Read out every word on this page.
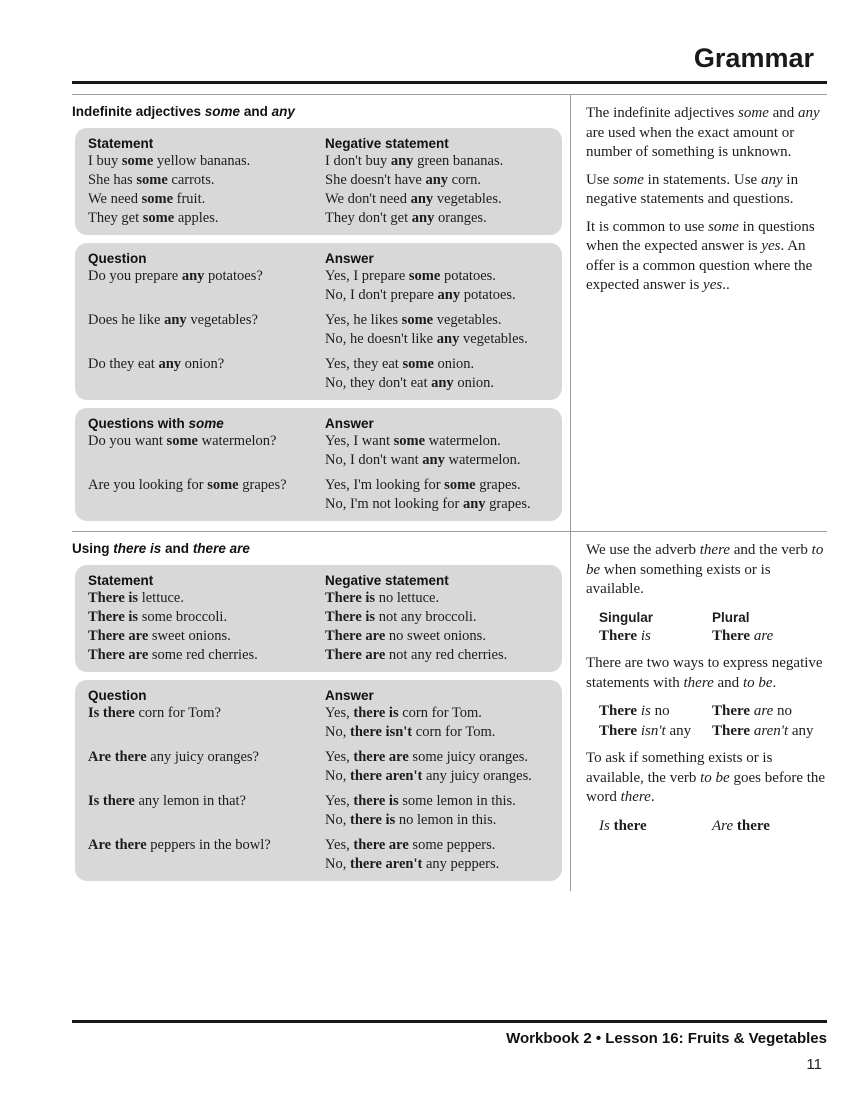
Grammar
Indefinite adjectives some and any
Statement	Negative statement
I buy some yellow bananas.	I don't buy any green bananas.
She has some carrots.	She doesn't have any corn.
We need some fruit.	We don't need any vegetables.
They get some apples.	They don't get any oranges.
Question	Answer
Do you prepare any potatoes?	Yes, I prepare some potatoes.
No, I don't prepare any potatoes.
Does he like any vegetables?	Yes, he likes some vegetables.
No, he doesn't like any vegetables.
Do they eat any onion?	Yes, they eat some onion.
No, they don't eat any onion.
Questions with some	Answer
Do you want some watermelon?	Yes, I want some watermelon.
No, I don't want any watermelon.
Are you looking for some grapes?	Yes, I'm looking for some grapes.
No, I'm not looking for any grapes.

The indefinite adjectives some and any are used when the exact amount or number of something is unknown.

Use some in statements. Use any in negative statements and questions.

It is common to use some in questions when the expected answer is yes. An offer is a common question where the expected answer is yes..

Using there is and there are
Statement	Negative statement
There is lettuce.	There is no lettuce.
There is some broccoli.	There is not any broccoli.
There are sweet onions.	There are no sweet onions.
There are some red cherries.	There are not any red cherries.
Question	Answer
Is there corn for Tom?	Yes, there is corn for Tom.
No, there isn't corn for Tom.
Are there any juicy oranges?	Yes, there are some juicy oranges.
No, there aren't any juicy oranges.
Is there any lemon in that?	Yes, there is some lemon in this.
No, there is no lemon in this.
Are there peppers in the bowl?	Yes, there are some peppers.
No, there aren't any peppers.

We use the adverb there and the verb to be when something exists or is available.

Singular	Plural
There is	There are

There are two ways to express negative statements with there and to be.

There is no	There are no
There isn't any	There aren't any

To ask if something exists or is available, the verb to be goes before the word there.

Is there	Are there
Workbook 2 • Lesson 16: Fruits & Vegetables
11
